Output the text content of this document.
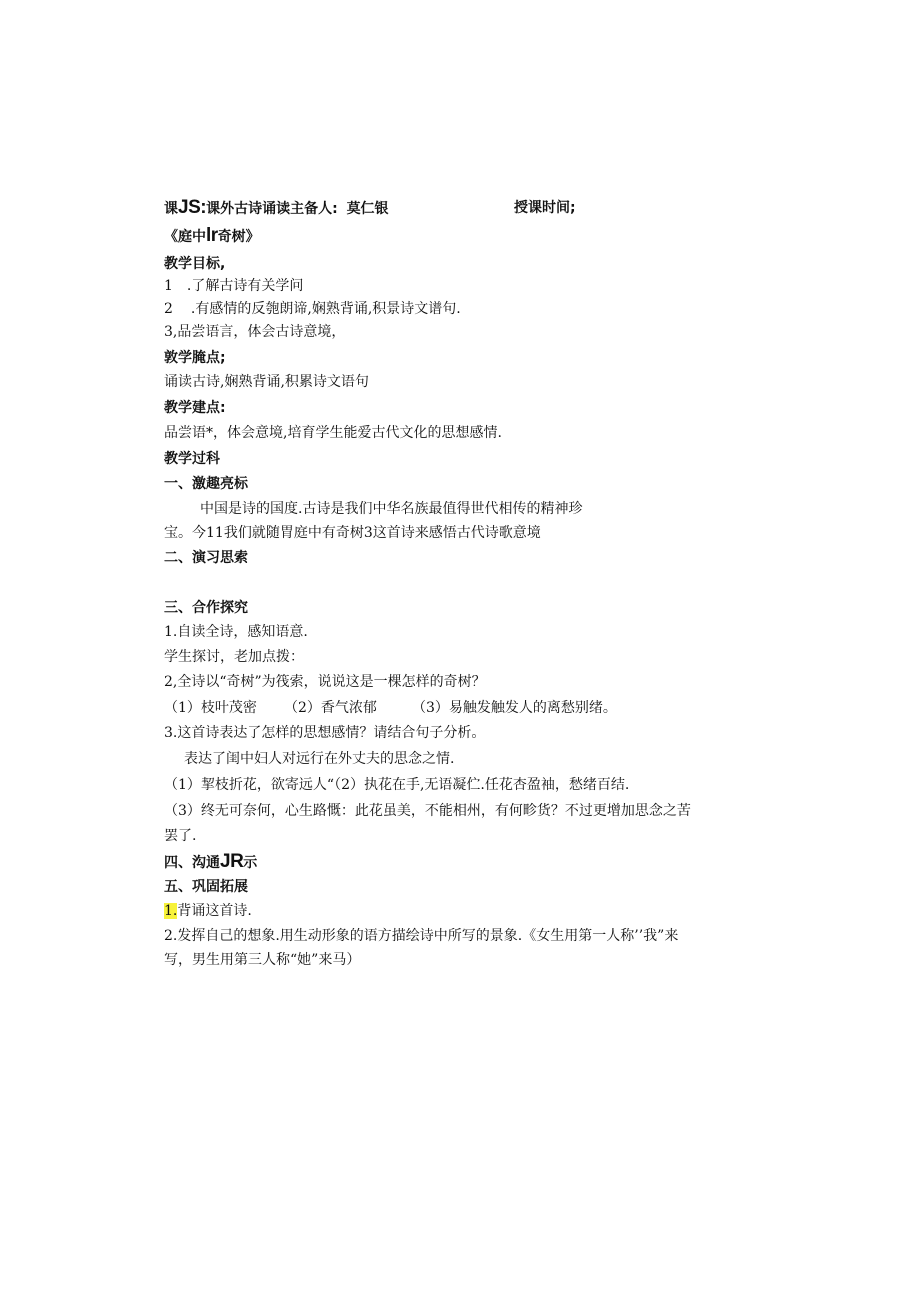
课JS:课外古诗诵读主备人: 莫仁银	授课时间;
《庭中lr奇树》
教学目标,
1 .了解古诗有关学问
2 .有感情的反匏朗谛,娴熟背诵,积景诗文谱句.
3,品尝语言，体会古诗意境，
敦学腌点;
诵读古诗,娴熟背诵,积累诗文语句
教学建点:
品尝语*，体会意境,培育学生能爱古代文化的思想感情.
教学过科
一、激趣亮标
中国是诗的国度.古诗是我们中华名族最值得世代相传的精神珍
宝。今11我们就随胃庭中有奇树3这首诗来感悟古代诗歌意境
二、演习思索
三、合作探究
1.自读全诗，感知语意.
学生探讨，老加点拨：
2,全诗以“奇树”为筏索，说说这是一棵怎样的奇树？
（1）枝叶茂密 （2）香气浓郁	（3）易触发触发人的离愁别绪。
3.这首诗表达了怎样的思想感情？请结合句子分析。
表达了闺中妇人对远行在外丈夫的思念之情.
（1）挈枝折花，欲寄远人“（2）执花在手,无语凝伫.任花杏盈袖，愁绪百结.
（3）终无可奈何，心生路慨：此花虽美，不能相州，有何畛货？不过更增加思念之苦
罢了.
四、沟通JR示
五、巩固拓展
1.背诵这首诗.
2.发挥自己的想象.用生动形象的语方描绘诗中所写的景象.《女生用第一人称’’我”来
写，男生用第三人称“她”来马）
